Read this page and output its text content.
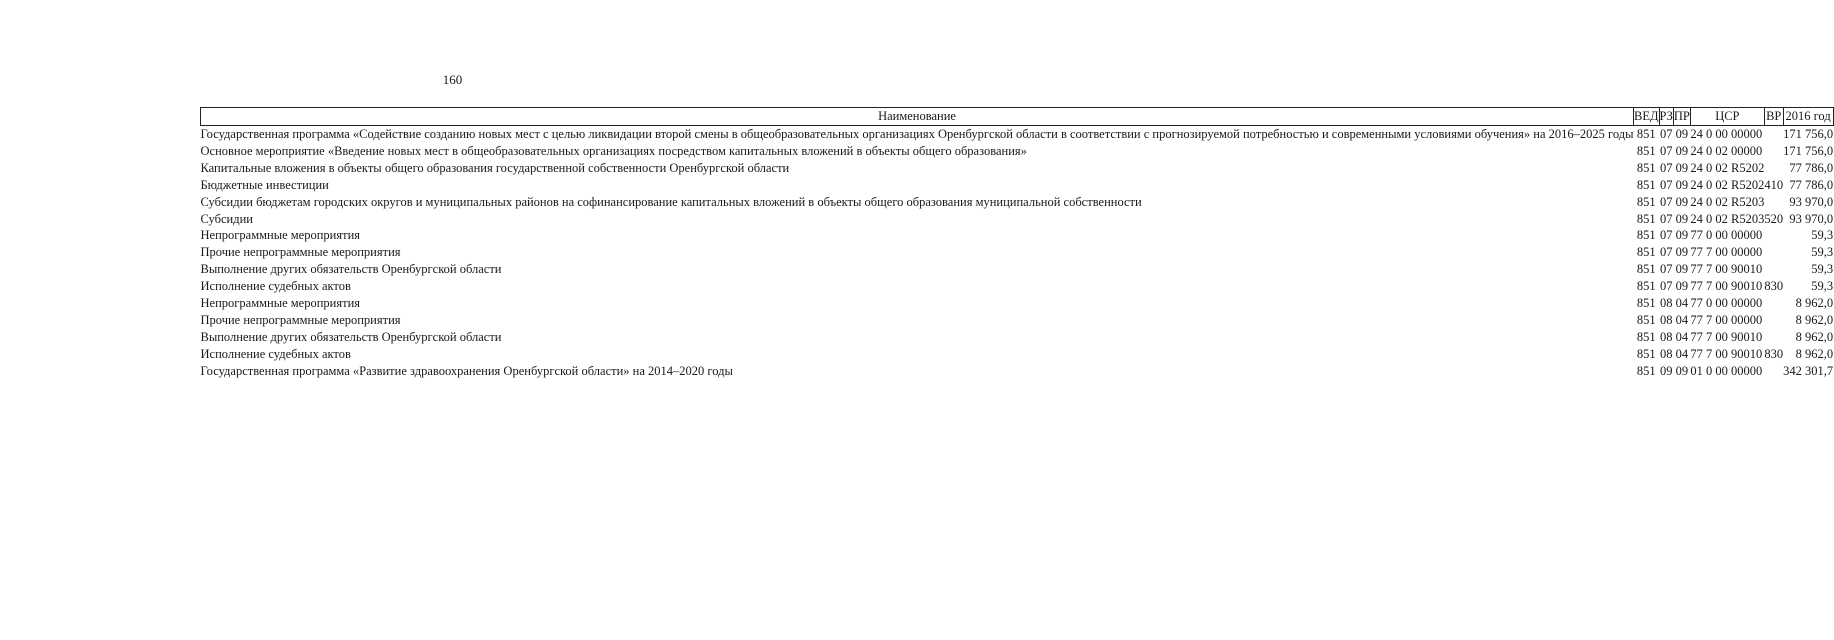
160
Наименование	ВЕД	РЗ	ПР	ЦСР	ВР	2016 год
Государственная программа «Содействие созданию новых мест с целью ликвидации второй смены в общеобразовательных организациях Оренбургской области в соответствии с прогнозируемой потребностью и современными условиями обучения» на 2016–2025 годы	851	07	09	24 0 00 00000		171 756,0
Основное мероприятие «Введение новых мест в общеобразовательных организациях посредством капитальных вложений в объекты общего образования»	851	07	09	24 0 02 00000		171 756,0
Капитальные вложения в объекты общего образования государственной собственности Оренбургской области	851	07	09	24 0 02 R5202		77 786,0
Бюджетные инвестиции	851	07	09	24 0 02 R5202	410	77 786,0
Субсидии бюджетам городских округов и муниципальных районов на софинансирование капитальных вложений в объекты общего образования муниципальной собственности	851	07	09	24 0 02 R5203		93 970,0
Субсидии	851	07	09	24 0 02 R5203	520	93 970,0
Непрограммные мероприятия	851	07	09	77 0 00 00000		59,3
Прочие непрограммные мероприятия	851	07	09	77 7 00 00000		59,3
Выполнение других обязательств Оренбургской области	851	07	09	77 7 00 90010		59,3
Исполнение судебных актов	851	07	09	77 7 00 90010	830	59,3
Непрограммные мероприятия	851	08	04	77 0 00 00000		8 962,0
Прочие непрограммные мероприятия	851	08	04	77 7 00 00000		8 962,0
Выполнение других обязательств Оренбургской области	851	08	04	77 7 00 90010		8 962,0
Исполнение судебных актов	851	08	04	77 7 00 90010	830	8 962,0
Государственная программа «Развитие здравоохранения Оренбургской области» на 2014–2020 годы	851	09	09	01 0 00 00000		342 301,7
